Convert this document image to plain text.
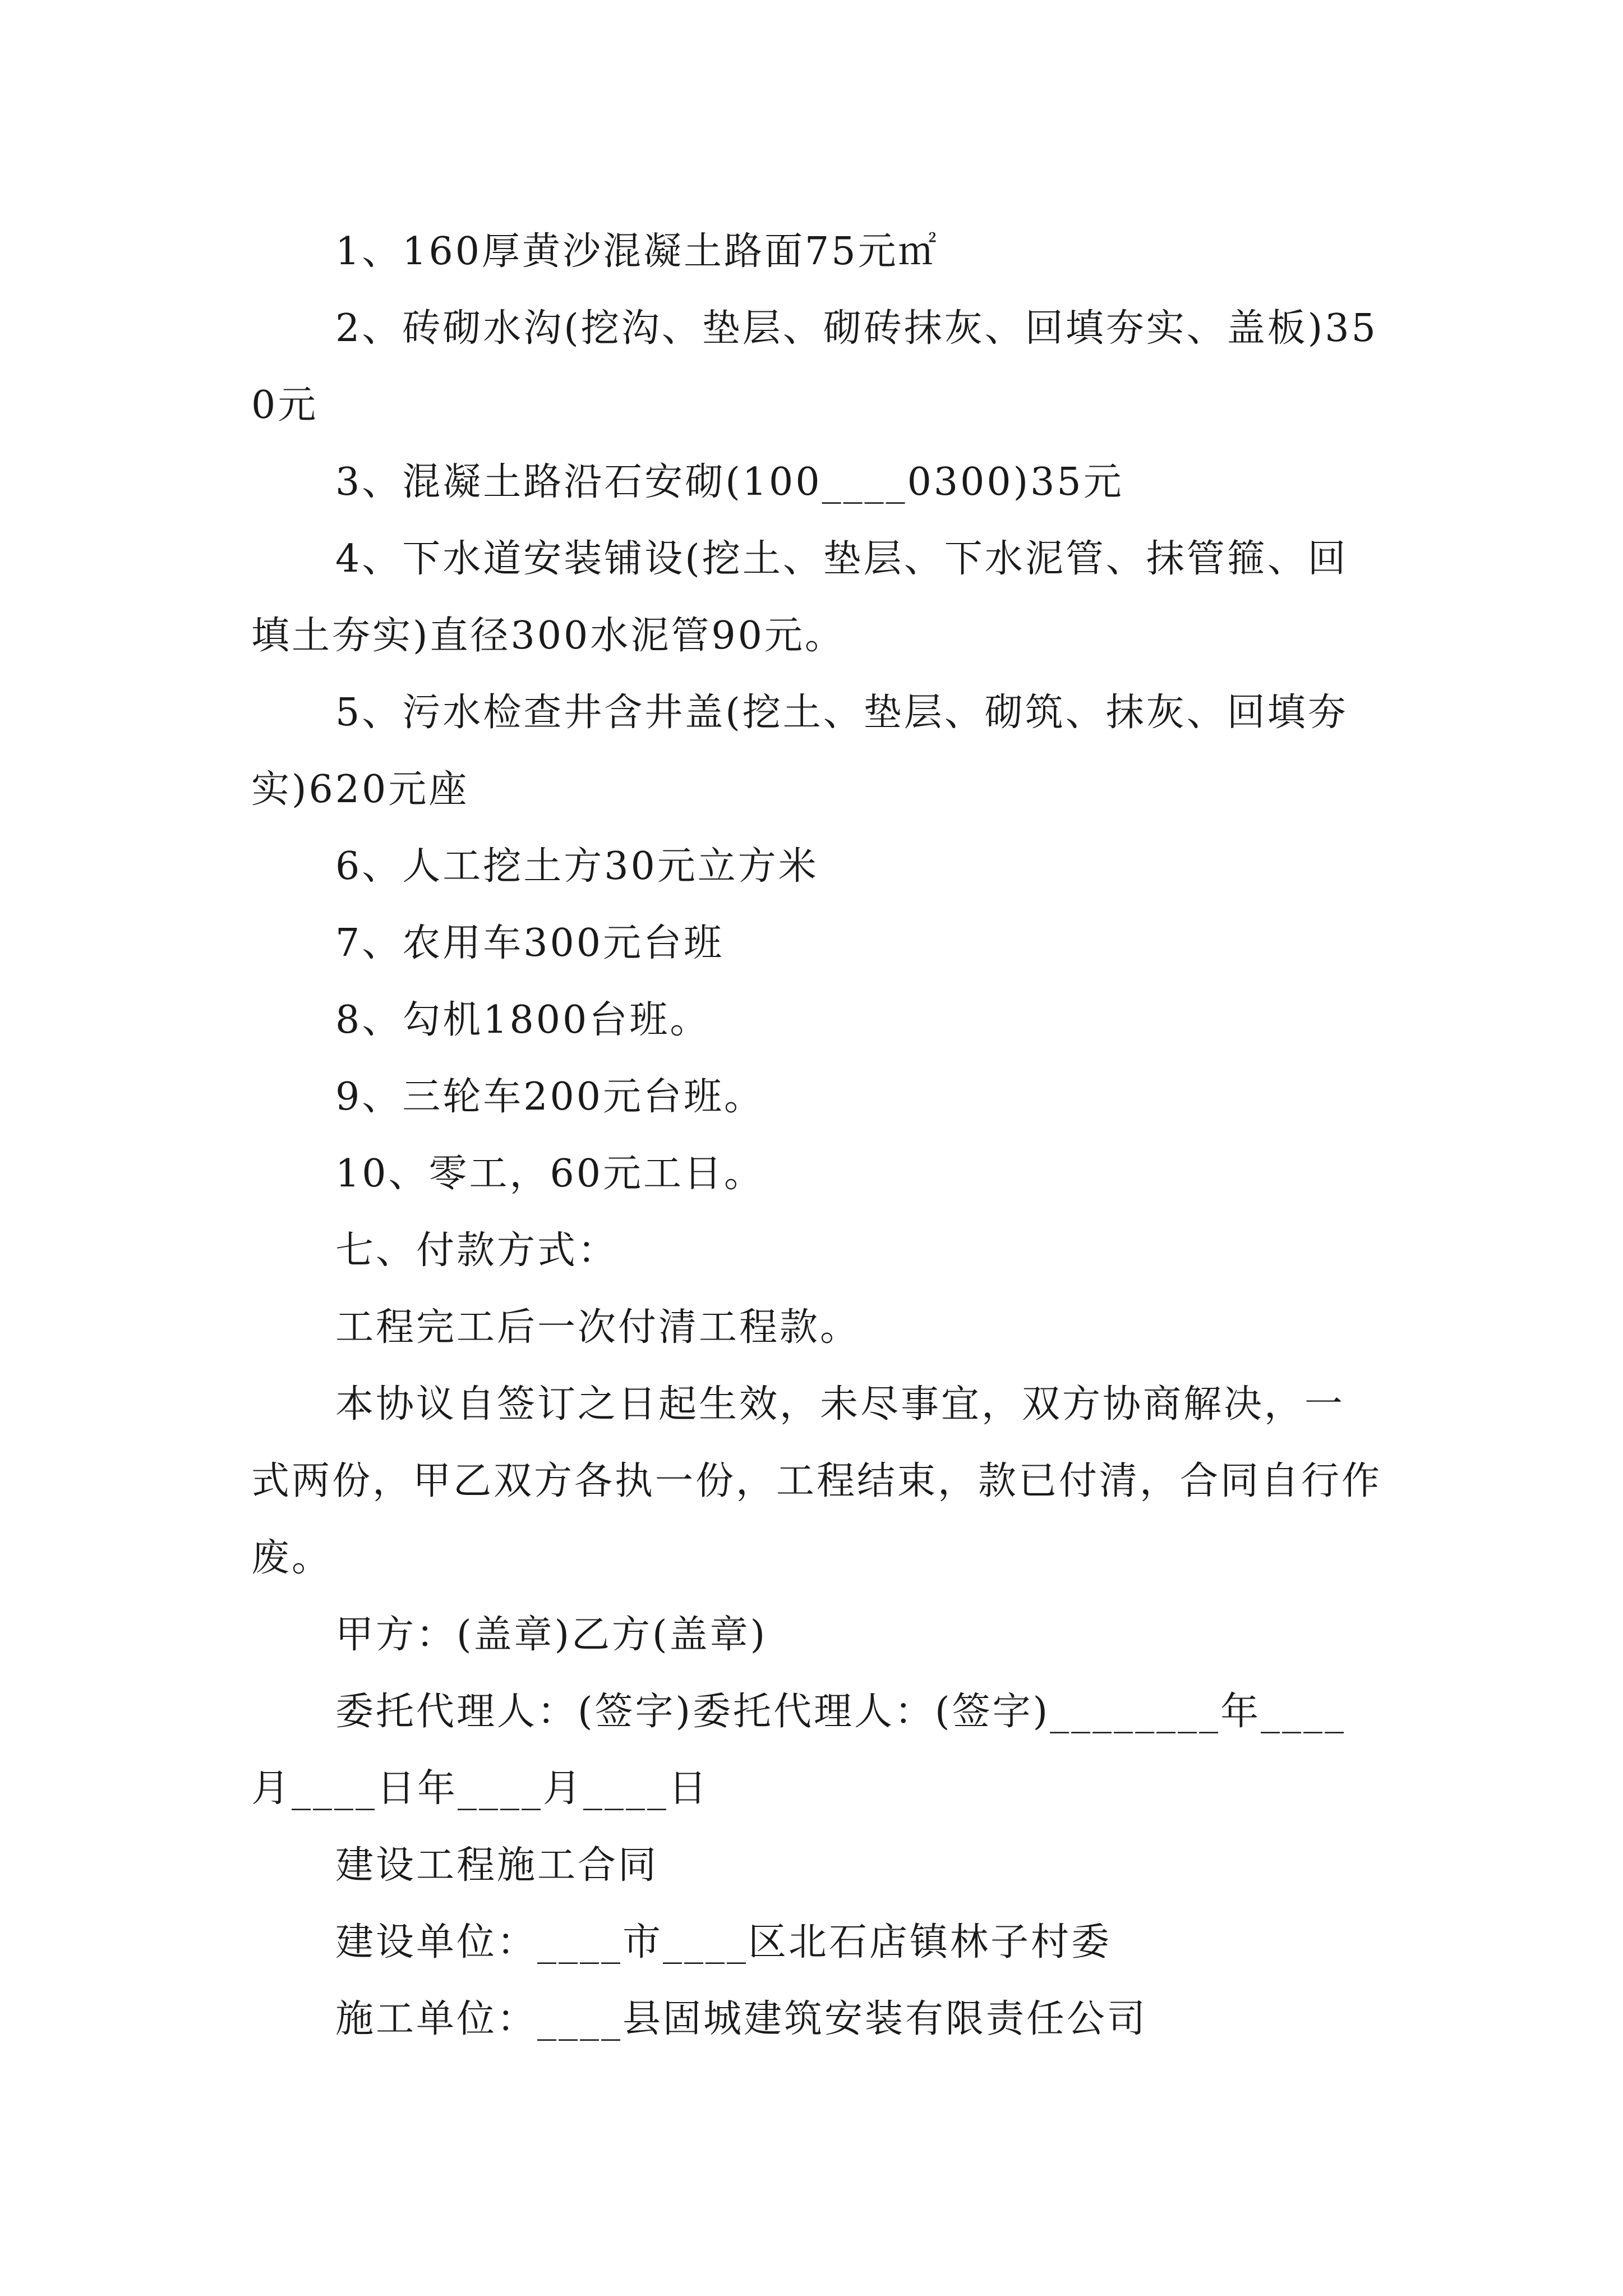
1、160厚黄沙混凝土路面75元㎡

2、砖砌水沟(挖沟、垫层、砌砖抹灰、回填夯实、盖板)350元

3、混凝土路沿石安砌(100____0300)35元

4、下水道安装铺设(挖土、垫层、下水泥管、抹管箍、回填土夯实)直径300水泥管90元。

5、污水检查井含井盖(挖土、垫层、砌筑、抹灰、回填夯实)620元座

6、人工挖土方30元立方米

7、农用车300元台班

8、勾机1800台班。

9、三轮车200元台班。

10、零工，60元工日。

七、付款方式：

工程完工后一次付清工程款。

本协议自签订之日起生效，未尽事宜，双方协商解决，一式两份，甲乙双方各执一份，工程结束，款已付清，合同自行作废。

甲方：(盖章)乙方(盖章)

委托代理人：(签字)委托代理人：(签字)________年____月____日年____月____日

建设工程施工合同

建设单位：____市____区北石店镇林子村委

施工单位：____县固城建筑安装有限责任公司
